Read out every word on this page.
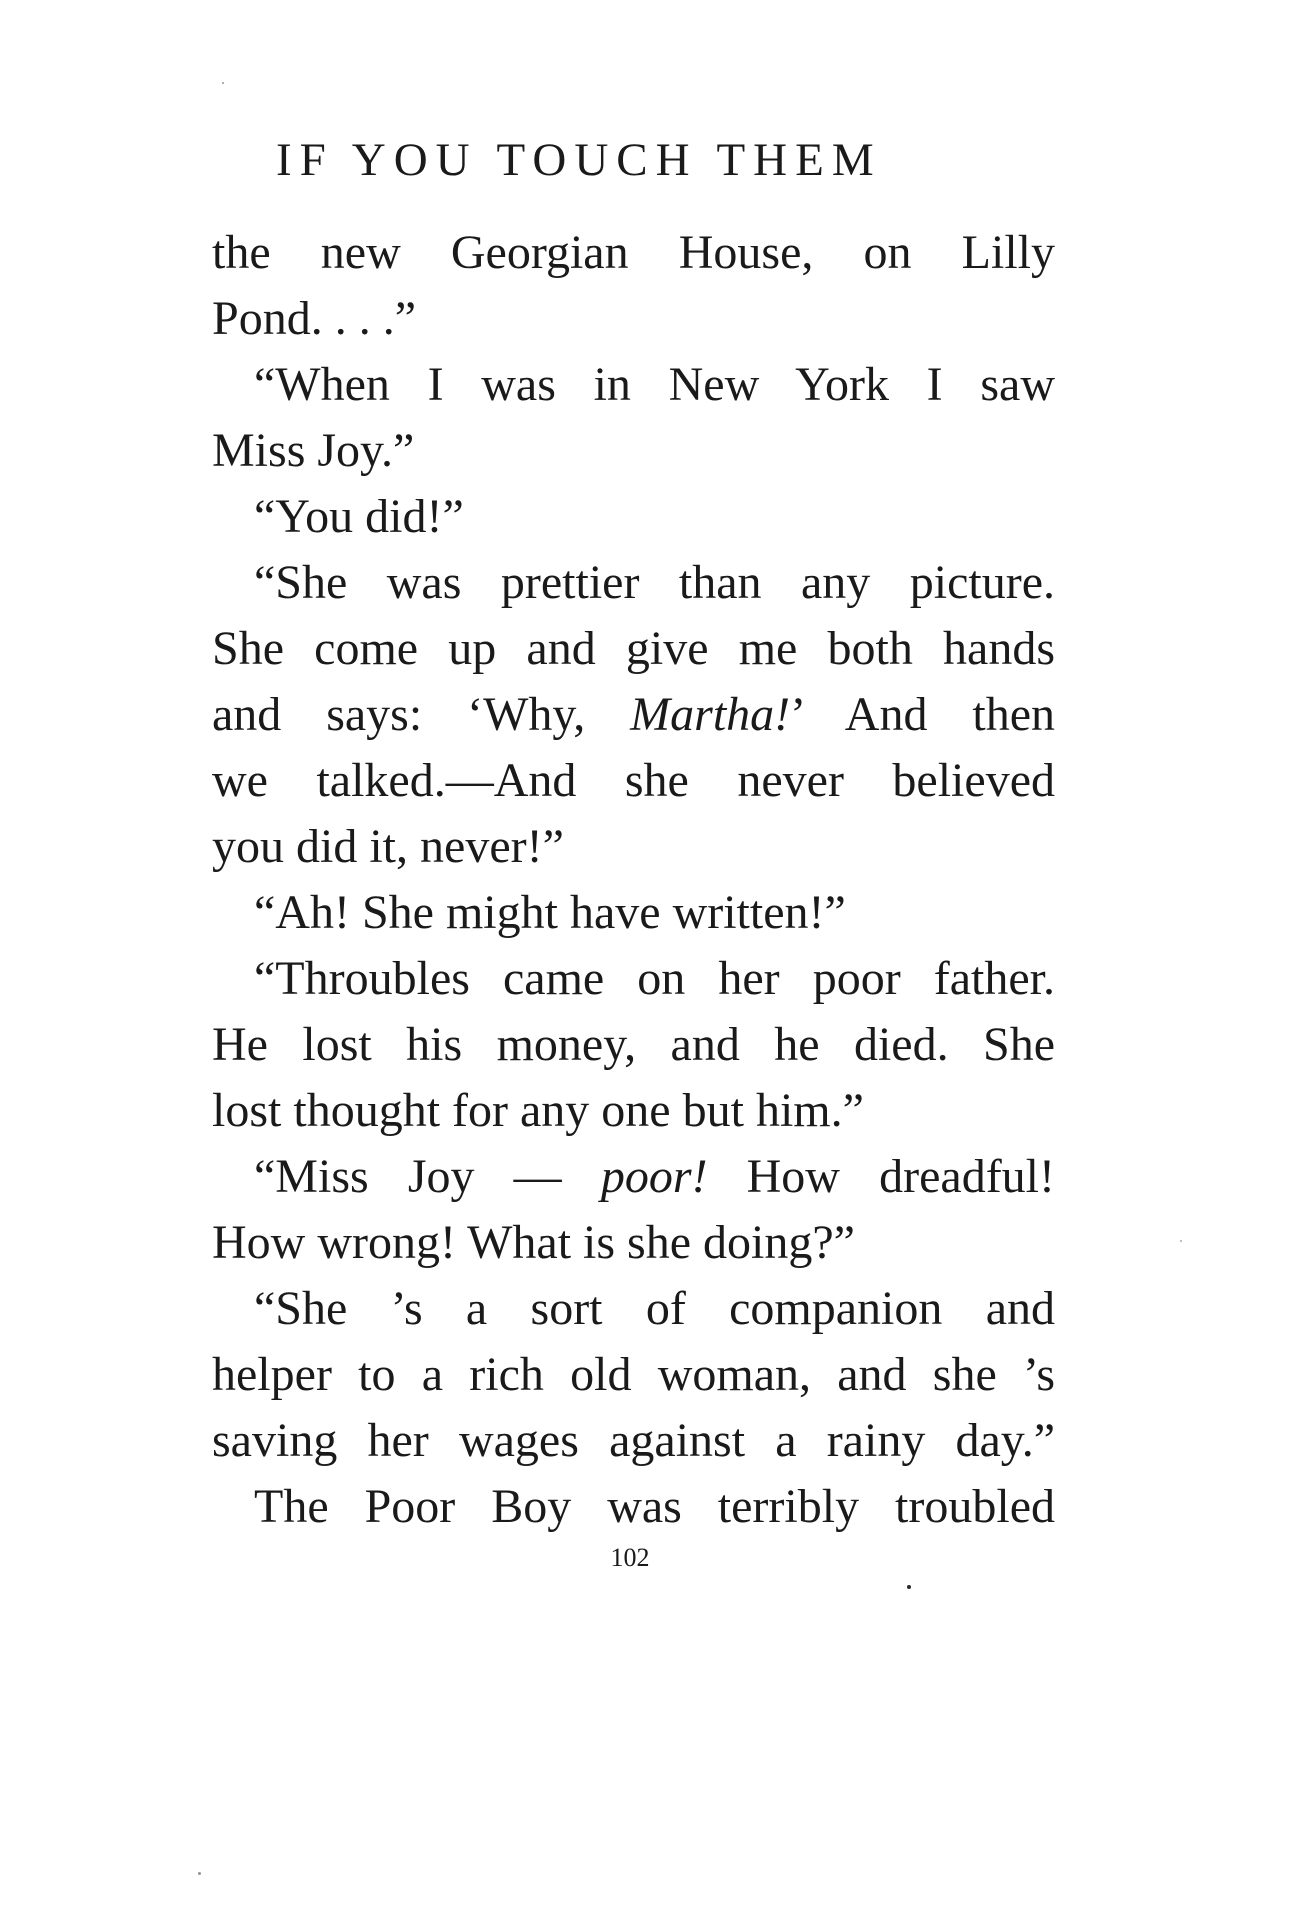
IF YOU TOUCH THEM
the new Georgian House, on Lilly
Pond. . . .”
“When I was in New York I saw
Miss Joy.”
“You did!”
“She was prettier than any picture.
She come up and give me both hands
and says: ‘Why, Martha!’ And then
we talked.—And she never believed
you did it, never!”
“Ah! She might have written!”
“Throubles came on her poor father.
He lost his money, and he died. She
lost thought for any one but him.”
“Miss Joy — poor! How dreadful!
How wrong! What is she doing?”
“She ’s a sort of companion and
helper to a rich old woman, and she ’s
saving her wages against a rainy day.”
The Poor Boy was terribly troubled
102
